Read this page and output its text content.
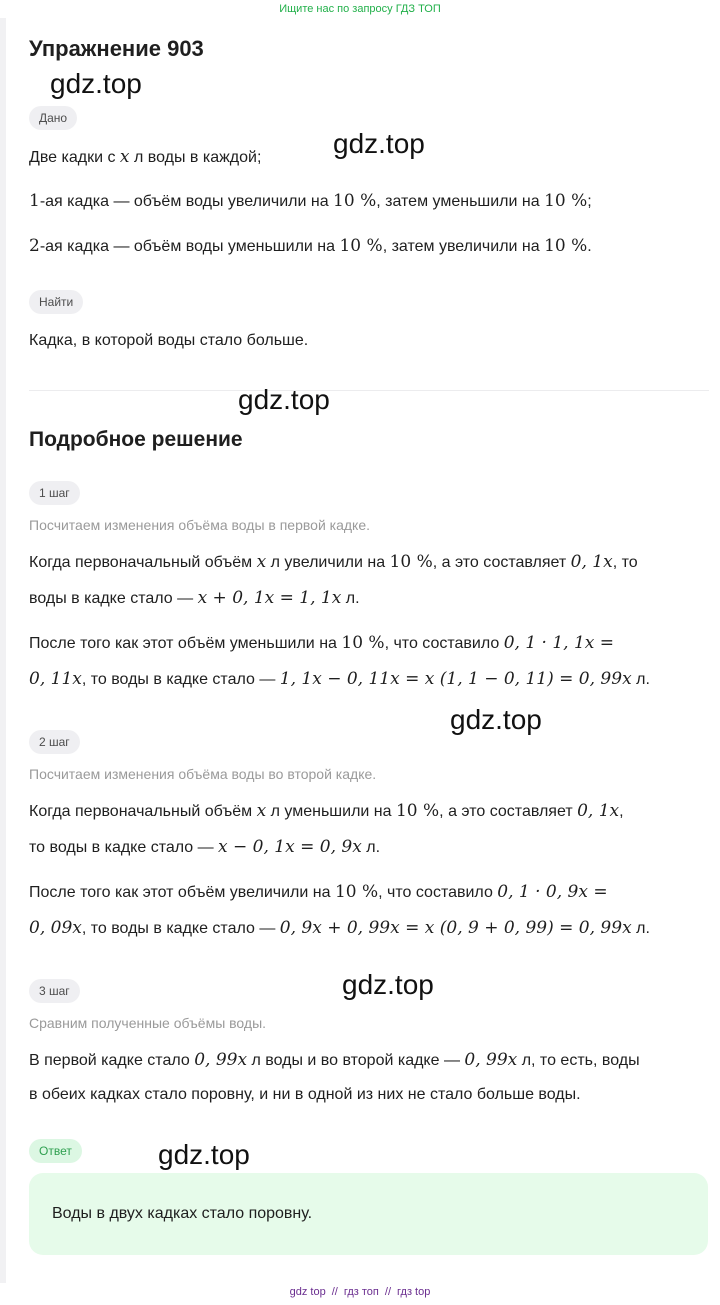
Ищите нас по запросу ГДЗ ТОП
Упражнение 903
Дано

Две кадки с x л воды в каждой;

1-ая кадка — объём воды увеличили на 10 %, затем уменьшили на 10 %;

2-ая кадка — объём воды уменьшили на 10 %, затем увеличили на 10 %.

Найти

Кадка, в которой воды стало больше.

Подробное решение
1 шаг
Посчитаем изменения объёма воды в первой кадке.

Когда первоначальный объём x л увеличили на 10 %, а это составляет 0, 1x, то

воды в кадке стало — x + 0, 1x = 1, 1x л.

После того как этот объём уменьшили на 10 %, что составило 0, 1 · 1, 1x =

0, 11x, то воды в кадке стало — 1, 1x − 0, 11x = x (1, 1 − 0, 11) = 0, 99x л.

2 шаг
Посчитаем изменения объёма воды во второй кадке.

Когда первоначальный объём x л уменьшили на 10 %, а это составляет 0, 1x,

то воды в кадке стало — x − 0, 1x = 0, 9x л.

После того как этот объём увеличили на 10 %, что составило 0, 1 · 0, 9x =

0, 09x, то воды в кадке стало — 0, 9x + 0, 99x = x (0, 9 + 0, 99) = 0, 99x л.

3 шаг
Сравним полученные объёмы воды.

В первой кадке стало 0, 99x л воды и во второй кадке — 0, 99x л, то есть, воды

в обеих кадках стало поровну, и ни в одной из них не стало больше воды.

Ответ
Воды в двух кадках стало поровну.
gdz.top
gdz.top
gdz.top
gdz.top
gdz.top
gdz.top
gdz top // гдз топ // гдз top
